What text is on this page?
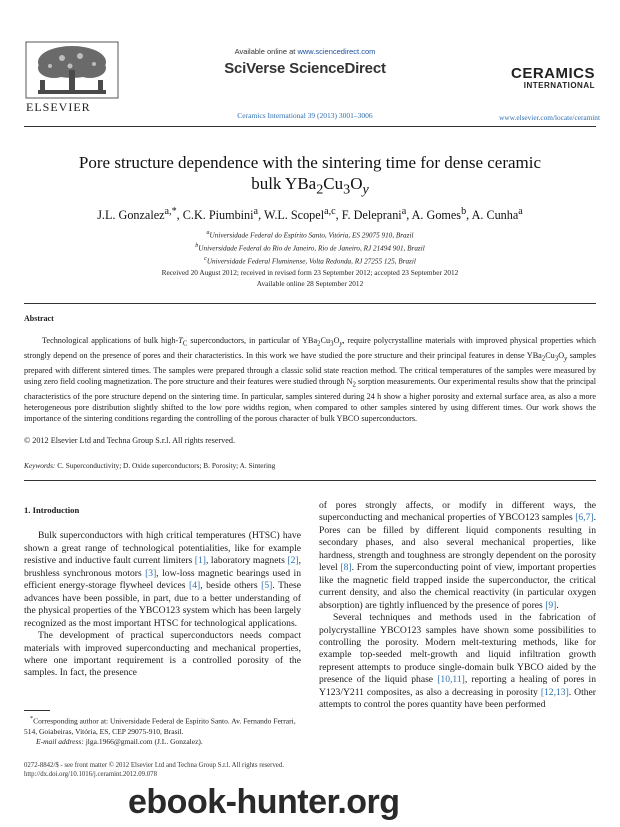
ELSEVIER
Available online at www.sciencedirect.com
SciVerse ScienceDirect
Ceramics International 39 (2013) 3001–3006
CERAMICS
INTERNATIONAL
www.elsevier.com/locate/ceramint
Pore structure dependence with the sintering time for dense ceramic
bulk $YBa_2Cu_3O_y$
J.L. Gonzalez$^{a,*}$, C.K. Piumbini$^a$, W.L. Scopel$^{a,c}$, F. Deleprani$^a$, A. Gomes$^b$, A. Cunha$^a$
$^a$Universidade Federal do Espírito Santo, Vitória, ES 29075 910, Brazil
$^b$Universidade Federal do Rio de Janeiro, Rio de Janeiro, RJ 21494 901, Brazil
$^c$Universidade Federal Fluminense, Volta Redonda, RJ 27255 125, Brazil
Received 20 August 2012; received in revised form 23 September 2012; accepted 23 September 2012
Available online 28 September 2012
Abstract
Technological applications of bulk high-$T_C$ superconductors, in particular of $YBa_2Cu_3O_y$, require polycrystalline materials with improved physical properties which strongly depend on the presence of pores and their characteristics. In this work we have studied the pore structure and their principal features in dense $YBa_2Cu_3O_y$ samples prepared with different sintered times. The samples were prepared through a classic solid state reaction method. The critical temperatures of the samples were measured by using zero field cooling magnetization. The pore structure and their features were studied through $N_2$ sorption measurements. Our experimental results show that the principal characteristics of the pore structure depend on the sintering time. In particular, samples sintered during 24 h show a higher porosity and external surface area, as also a more heterogeneous pore distribution slightly shifted to the low pore widths region, when compared to other samples sintered by using different times. Our work shows the importance of the sintering conditions regarding the controlling of the porous character of bulk YBCO superconductors.
© 2012 Elsevier Ltd and Techna Group S.r.l. All rights reserved.
Keywords: C. Superconductivity; D. Oxide superconductors; B. Porosity; A. Sintering
1. Introduction

Bulk superconductors with high critical temperatures (HTSC) have shown a great range of technological potentialities, like for example resistive and inductive fault current limiters [1], laboratory magnets [2], brushless synchronous motors [3], low-loss magnetic bearings used in efficient energy-storage flywheel devices [4], beside others [5]. These advances have been possible, in part, due to a better understanding of the physical properties of the YBCO123 system which has been largely recognized as the most important HTSC for technological applications.

The development of practical superconductors needs compact materials with improved superconducting and mechanical properties, where one important requirement is a controlled porosity of the samples. In fact, the presence

of pores strongly affects, or modify in different ways, the superconducting and mechanical properties of YBCO123 samples [6,7]. Pores can be filled by different liquid components resulting in secondary phases, and also several mechanical properties, like hardness, strength and toughness are strongly dependent on the porosity level [8]. From the superconducting point of view, important properties like the magnetic field trapped inside the superconductor, the critical current density, and also the chemical reactivity (in particular oxygen absorption) are tightly influenced by the presence of pores [9].

Several techniques and methods used in the fabrication of polycrystalline YBCO123 samples have shown some possibilities to controlling the porosity. Modern melt-texturing methods, like for example top-seeded melt-growth and liquid infiltration growth represent attempts to produce single-domain bulk YBCO aided by the presence of the liquid phase [10,11], reporting a healing of pores in Y123/Y211 composites, as also a decreasing in porosity [12,13]. Other attempts to control the pores quantity have been performed

*Corresponding author at: Universidade Federal de Espírito Santo. Av. Fernando Ferrari, 514, Goiabeiras, Vitória, ES, CEP 29075-910, Brasil.
E-mail address: jlga.1966@gmail.com (J.L. Gonzalez).
0272-8842/$ - see front matter © 2012 Elsevier Ltd and Techna Group S.r.l. All rights reserved.
http://dx.doi.org/10.1016/j.ceramint.2012.09.078
ebook-hunter.org
